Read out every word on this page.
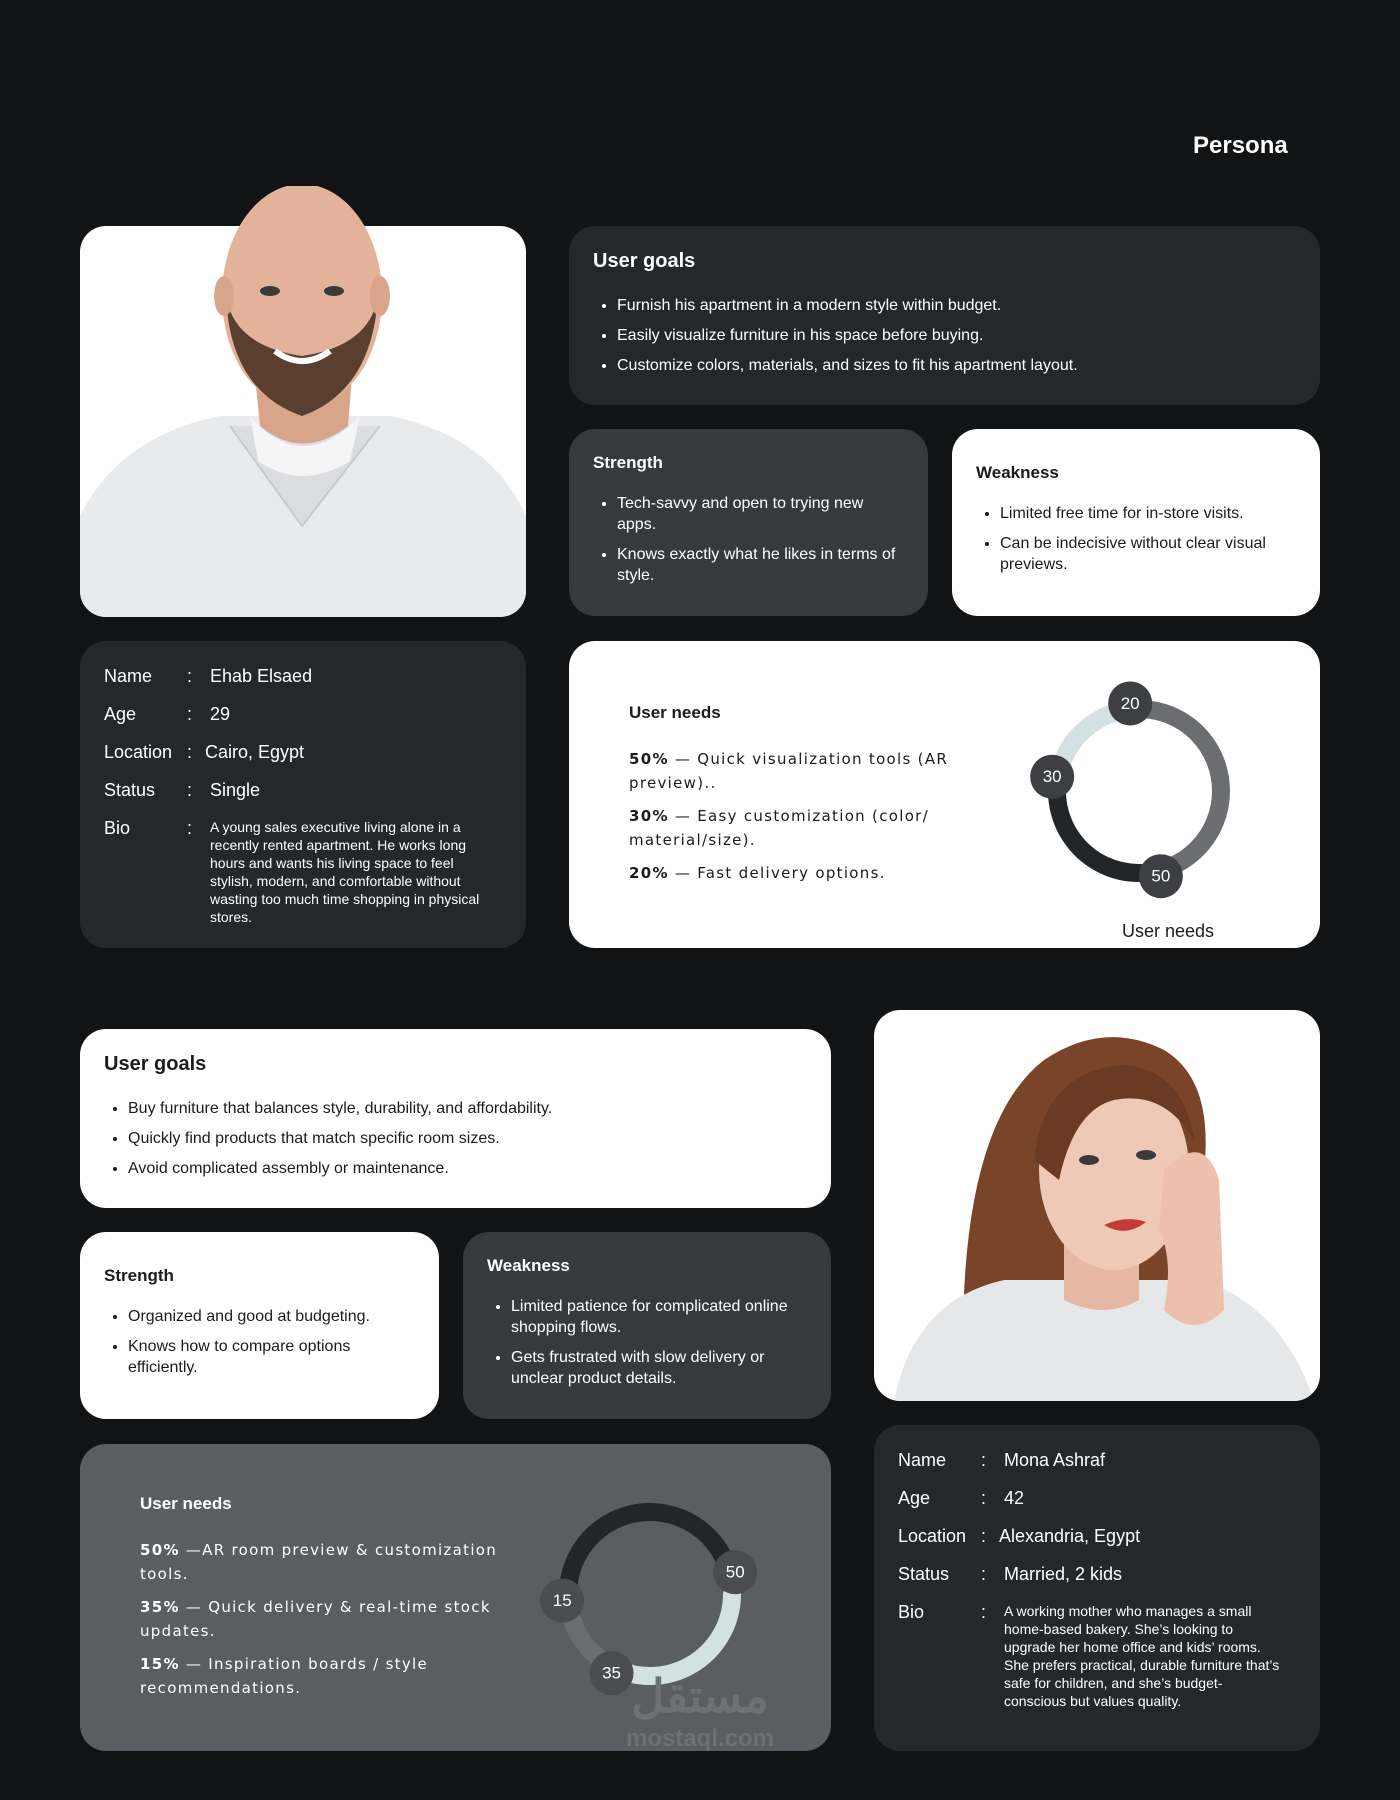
Persona
User goals
• Furnish his apartment in a modern style within budget.
• Easily visualize furniture in his space before buying.
• Customize colors, materials, and sizes to fit his apartment layout.
Strength
• Tech-savvy and open to trying new apps.
• Knows exactly what he likes in terms of style.
Weakness
• Limited free time for in-store visits.
• Can be indecisive without clear visual previews.
Name	: Ehab Elsaed
Age	: 29
Location : Cairo, Egypt
Status	: Single
Bio	:	A young sales executive living alone in a recently rented apartment. He works long hours and wants his living space to feel stylish, modern, and comfortable without wasting too much time shopping in physical stores.
User needs

50% — Quick visualization tools (AR preview)..

30% — Easy customization (color/ material/size).

20% — Fast delivery options.	50
30
20
User needs
User goals
• Buy furniture that balances style, durability, and affordability.
• Quickly find products that match specific room sizes.
• Avoid complicated assembly or maintenance.
Strength
• Organized and good at budgeting.
• Knows how to compare options efficiently.
Weakness
• Limited patience for complicated online shopping flows.
• Gets frustrated with slow delivery or unclear product details.
User needs

50% —AR room preview & customization tools.

35% — Quick delivery & real-time stock updates.

15% — Inspiration boards / style recommendations.

50
35
15
مستقل
mostaql.com
Name	: Mona Ashraf
Age	: 42
Location : Alexandria, Egypt
Status	: Married, 2 kids
Bio	:	A working mother who manages a small home-based bakery. She’s looking to upgrade her home office and kids’ rooms. She prefers practical, durable furniture that’s safe for children, and she’s budget-conscious but values quality.
